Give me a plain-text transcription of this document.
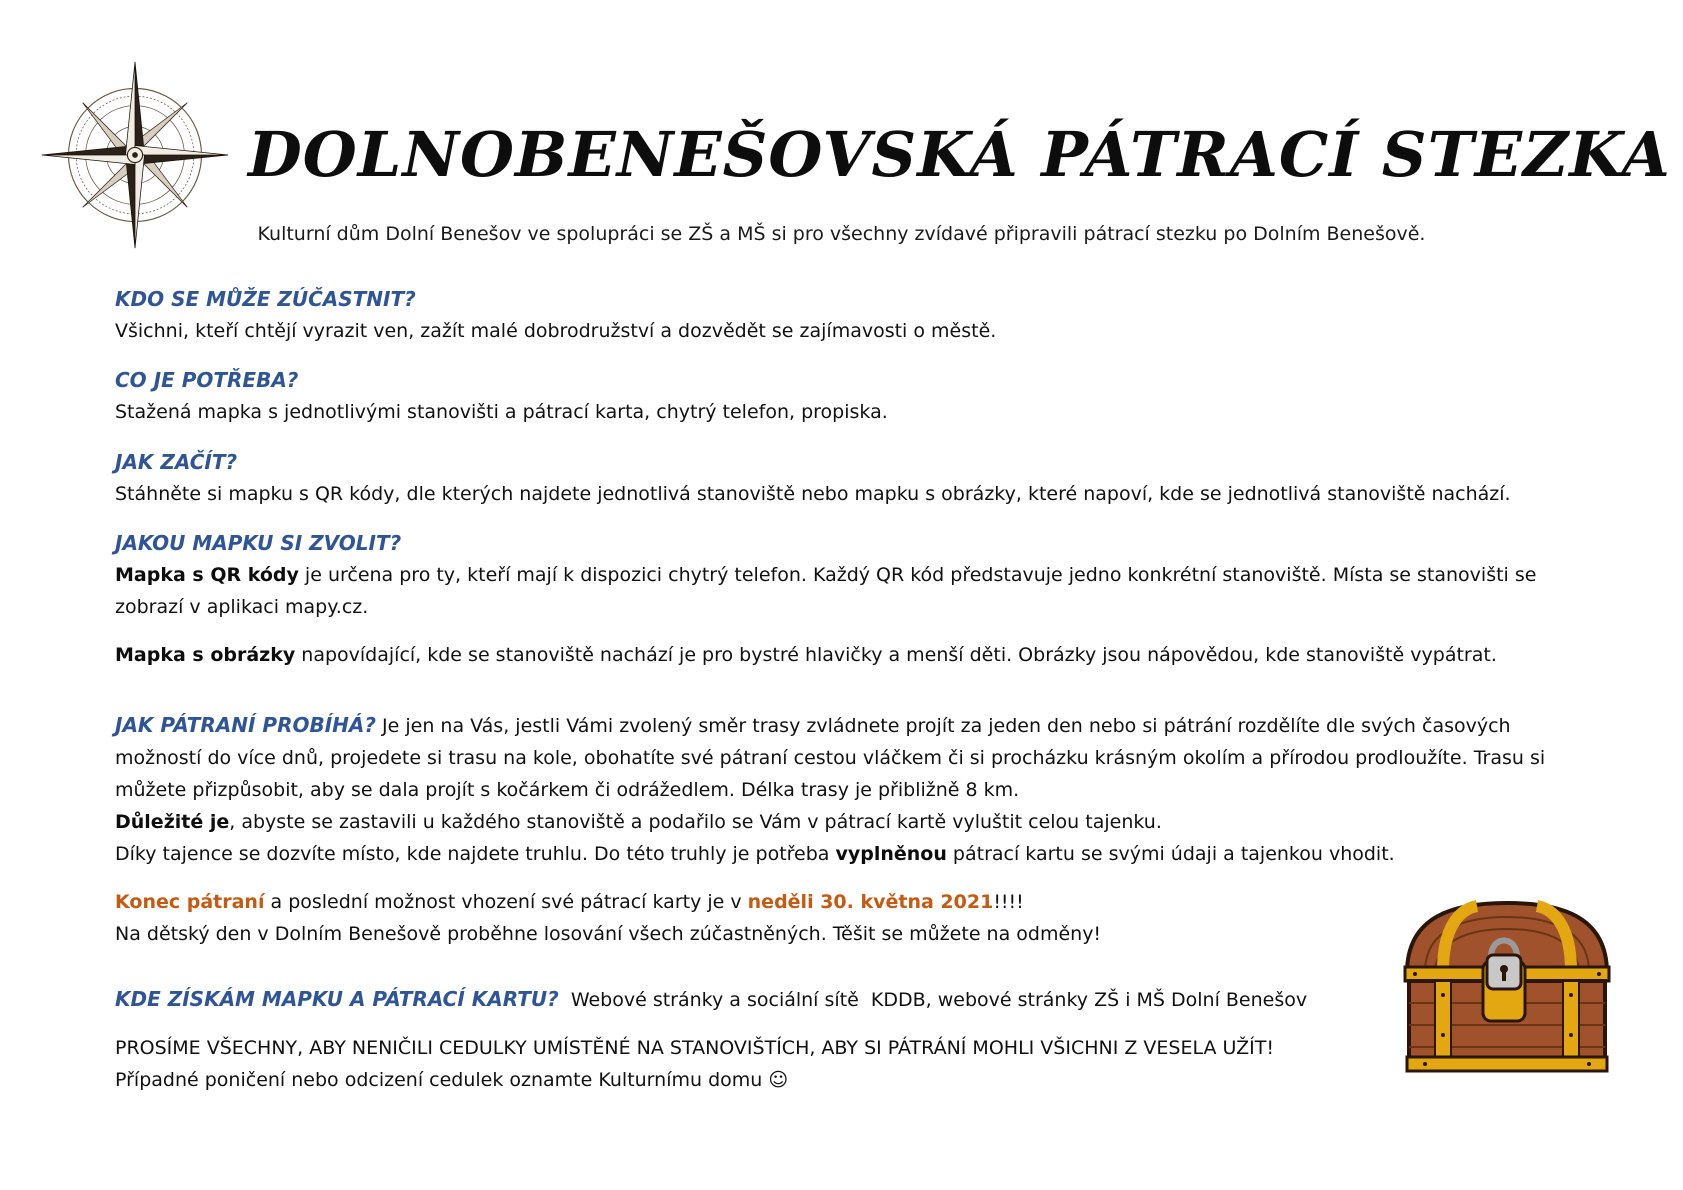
DOLNOBENEŠOVSKÁ PÁTRACÍ STEZKA

Kulturní dům Dolní Benešov ve spolupráci se ZŠ a MŠ si pro všechny zvídavé připravili pátrací stezku po Dolním Benešově.

KDO SE MŮŽE ZÚČASTNIT?

Všichni, kteří chtějí vyrazit ven, zažít malé dobrodružství a dozvědět se zajímavosti o městě.

CO JE POTŘEBA?

Stažená mapka s jednotlivými stanovišti a pátrací karta, chytrý telefon, propiska.

JAK ZAČÍT?

Stáhněte si mapku s QR kódy, dle kterých najdete jednotlivá stanoviště nebo mapku s obrázky, které napoví, kde se jednotlivá stanoviště nachází.

JAKOU MAPKU SI ZVOLIT?

Mapka s QR kódy je určena pro ty, kteří mají k dispozici chytrý telefon. Každý QR kód představuje jedno konkrétní stanoviště. Místa se stanovišti se zobrazí v aplikaci mapy.cz.

Mapka s obrázky napovídající, kde se stanoviště nachází je pro bystré hlavičky a menší děti. Obrázky jsou nápovědou, kde stanoviště vypátrat.

JAK PÁTRANÍ PROBÍHÁ? Je jen na Vás, jestli Vámi zvolený směr trasy zvládnete projít za jeden den nebo si pátrání rozdělíte dle svých časových možností do více dnů, projedete si trasu na kole, obohatíte své pátraní cestou vláčkem či si procházku krásným okolím a přírodou prodloužíte. Trasu si můžete přizpůsobit, aby se dala projít s kočárkem či odrážedlem. Délka trasy je přibližně 8 km.

Důležité je, abyste se zastavili u každého stanoviště a podařilo se Vám v pátrací kartě vyluštit celou tajenku.

Díky tajence se dozvíte místo, kde najdete truhlu. Do této truhly je potřeba vyplněnou pátrací kartu se svými údaji a tajenkou vhodit.

Konec pátraní a poslední možnost vhození své pátrací karty je v neděli 30. května 2021!!!!

Na dětský den v Dolním Benešově proběhne losování všech zúčastněných. Těšit se můžete na odměny!

KDE ZÍSKÁM MAPKU A PÁTRACÍ KARTU?  Webové stránky a sociální sítě  KDDB, webové stránky ZŠ i MŠ Dolní Benešov

PROSÍME VŠECHNY, ABY NENIČILI CEDULKY UMÍSTĚNÉ NA STANOVIŠTÍCH, ABY SI PÁTRÁNÍ MOHLI VŠICHNI Z VESELA UŽÍT!

Případné poničení nebo odcizení cedulek oznamte Kulturnímu domu ☺
